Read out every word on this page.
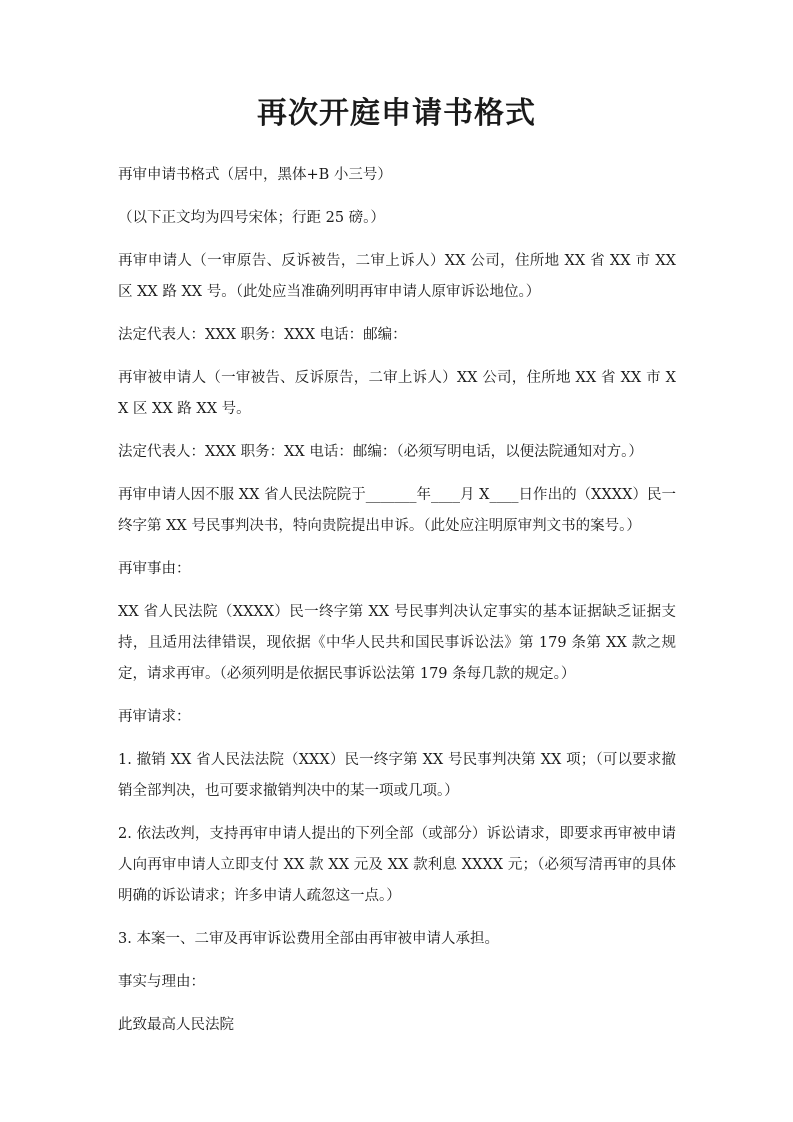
再次开庭申请书格式

再审申请书格式（居中，黑体+B 小三号）

（以下正文均为四号宋体；行距 25 磅。）

再审申请人（一审原告、反诉被告，二审上诉人）XX 公司，住所地 XX 省 XX 市 XX 区 XX 路 XX 号。（此处应当准确列明再审申请人原审诉讼地位。）

法定代表人：XXX 职务：XXX 电话：邮编：

再审被申请人（一审被告、反诉原告，二审上诉人）XX 公司，住所地 XX 省 XX 市 XX 区 XX 路 XX 号。

法定代表人：XXX 职务：XX 电话：邮编：（必须写明电话，以便法院通知对方。）

再审申请人因不服 XX 省人民法院院于_______年____月 X____日作出的（XXXX）民一终字第 XX 号民事判决书，特向贵院提出申诉。（此处应注明原审判文书的案号。）

再审事由：

XX 省人民法院（XXXX）民一终字第 XX 号民事判决认定事实的基本证据缺乏证据支持，且适用法律错误，现依据《中华人民共和国民事诉讼法》第 179 条第 XX 款之规定，请求再审。（必须列明是依据民事诉讼法第 179 条每几款的规定。）

再审请求：

1. 撤销 XX 省人民法法院（XXX）民一终字第 XX 号民事判决第 XX 项；（可以要求撤销全部判决，也可要求撤销判决中的某一项或几项。）

2. 依法改判，支持再审申请人提出的下列全部（或部分）诉讼请求，即要求再审被申请人向再审申请人立即支付 XX 款 XX 元及 XX 款利息 XXXX 元；（必须写清再审的具体明确的诉讼请求；许多申请人疏忽这一点。）

3. 本案一、二审及再审诉讼费用全部由再审被申请人承担。

事实与理由：

此致最高人民法院
